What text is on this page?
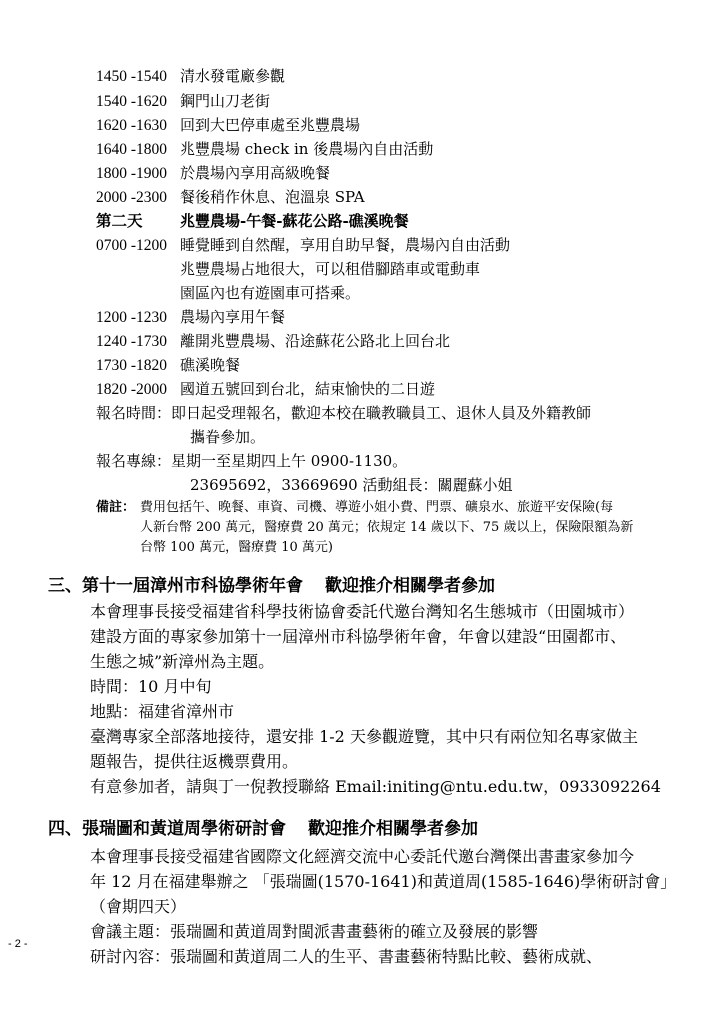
1450 -1540 清水發電廠參觀
1540 -1620 鋼門山刀老街
1620 -1630 回到大巴停車處至兆豐農場
1640 -1800 兆豐農場 check in 後農場內自由活動
1800 -1900 於農場內享用高級晚餐
2000 -2300 餐後稍作休息、泡溫泉 SPA
第二天 兆豐農場-午餐-蘇花公路-礁溪晚餐
0700 -1200 睡覺睡到自然醒，享用自助早餐，農場內自由活動
兆豐農場占地很大，可以租借腳踏車或電動車
園區內也有遊園車可搭乘。
1200 -1230 農場內享用午餐
1240 -1730 離開兆豐農場、沿途蘇花公路北上回台北
1730 -1820 礁溪晚餐
1820 -2000 國道五號回到台北，結束愉快的二日遊
報名時間：即日起受理報名，歡迎本校在職教職員工、退休人員及外籍教師
攜眷參加。
報名專線：星期一至星期四上午 0900-1130。
23695692，33669690 活動組長：關麗蘇小姐
備註： 費用包括午、晚餐、車資、司機、導遊小姐小費、門票、礦泉水、旅遊平安保險(每
人新台幣 200 萬元，醫療費 20 萬元；依規定 14 歲以下、75 歲以上，保險限額為新
台幣 100 萬元，醫療費 10 萬元)
三、第十一屆漳州市科協學術年會 歡迎推介相關學者參加
本會理事長接受福建省科學技術協會委託代邀台灣知名生態城市（田園城市）
建設方面的專家參加第十一屆漳州市科協學術年會，年會以建設“田園都市、
生態之城”新漳州為主題。
時間：10 月中旬
地點：福建省漳州市
臺灣專家全部落地接待，還安排 1-2 天參觀遊覽，其中只有兩位知名專家做主
題報告，提供往返機票費用。
有意參加者，請與丁一倪教授聯絡 Email:initing@ntu.edu.tw，0933092264
四、張瑞圖和黃道周學術研討會 歡迎推介相關學者參加
本會理事長接受福建省國際文化經濟交流中心委託代邀台灣傑出書畫家參加今
年 12 月在福建舉辦之 「張瑞圖(1570-1641)和黃道周(1585-1646)學術研討會」
（會期四天）
會議主題：張瑞圖和黃道周對閩派書畫藝術的確立及發展的影響
研討內容：張瑞圖和黃道周二人的生平、書畫藝術特點比較、藝術成就、
- 2 -
